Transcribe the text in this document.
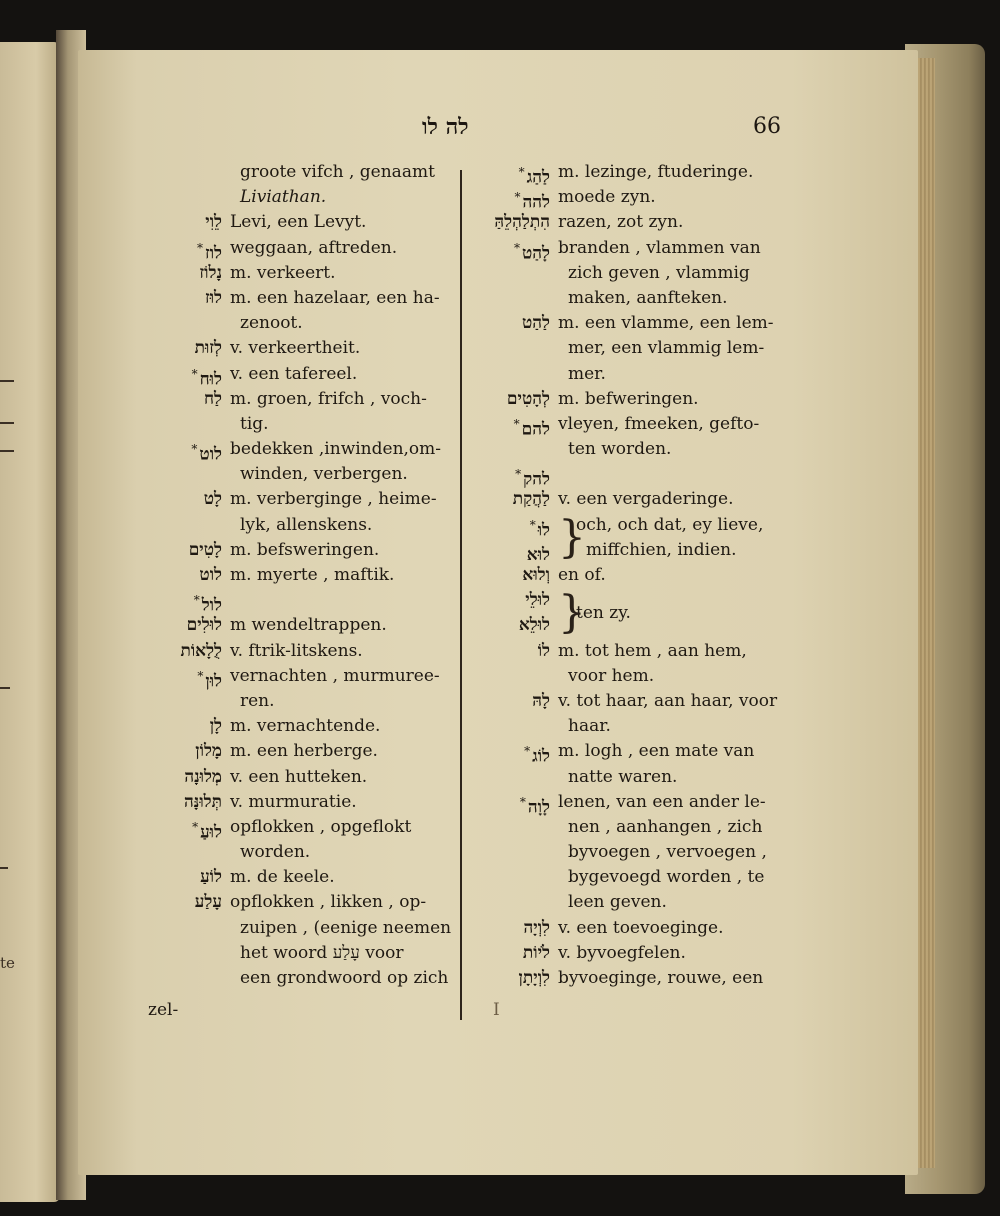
te
לה לו	66
groote vifch , genaamt
Liviathan.
לֵוִי Levi, een Levyt.
* לוז weggaan, aftreden.
נָלוֹז m. verkeert.
לוּז m. een hazelaar, een ha-
zenoot.
לְזוּת v. verkeertheit.
* לוּח v. een tafereel.
לַח m. groen, frifch , voch-
tig.
* לוט bedekken ,inwinden,om-
winden, verbergen.
לָט m. verberginge , heime-
lyk, allenskens.
לָטִים m. befsweringen.
לוט m. myerte , maftik.
* לול
לוּלִים m wendeltrappen.
לֻלָאוֹת v. ftrik-litskens.
* לוּן vernachten , murmuree-
ren.
לָן m. vernachtende.
מָלוֹן m. een herberge.
מְלוּנָה v. een hutteken.
תְּלוּנָּה v. murmuratie.
* לוּעַ opflokken , opgeflokt
worden.
לוֹעַ m. de keele.
עָלַע opflokken , likken , op-
zuipen , (eenige neemen
het woord עָלַע voor
een grondwoord op zich
* לַהַג m. lezinge, ftuderinge.
* להה moede zyn.
הִתְלַהְלֵהַּ razen, zot zyn.
* לָהַט branden , vlammen van
zich geven , vlammig
maken, aanfteken.
לַהַט m. een vlamme, een lem-
mer, een vlammig lem-
mer.
לְהָטִים m. befweringen.
* להם vleyen, fmeeken, gefto-
ten worden.
* להק
לַהֲקַת v. een vergaderinge.
* לוּ
לוּא }
och, och dat, ey lieve,
miffchien, indien.
וְלוּא en of.
לוּלֵי
לוּלֵא }
ten zy.
לוֹ m. tot hem , aan hem,
voor hem.
לָהּ v. tot haar, aan haar, voor
haar.
* לוֹג m. logh , een mate van
natte waren.
* לָוָה lenen, van een ander le-
nen , aanhangen , zich
byvoegen , vervoegen ,
bygevoegd worden , te
leen geven.
לִוְיָה v. een toevoeginge.
לֹיוֹת v. byvoegfelen.
לִוְיָתָן byvoeginge, rouwe, een
zel-	I
